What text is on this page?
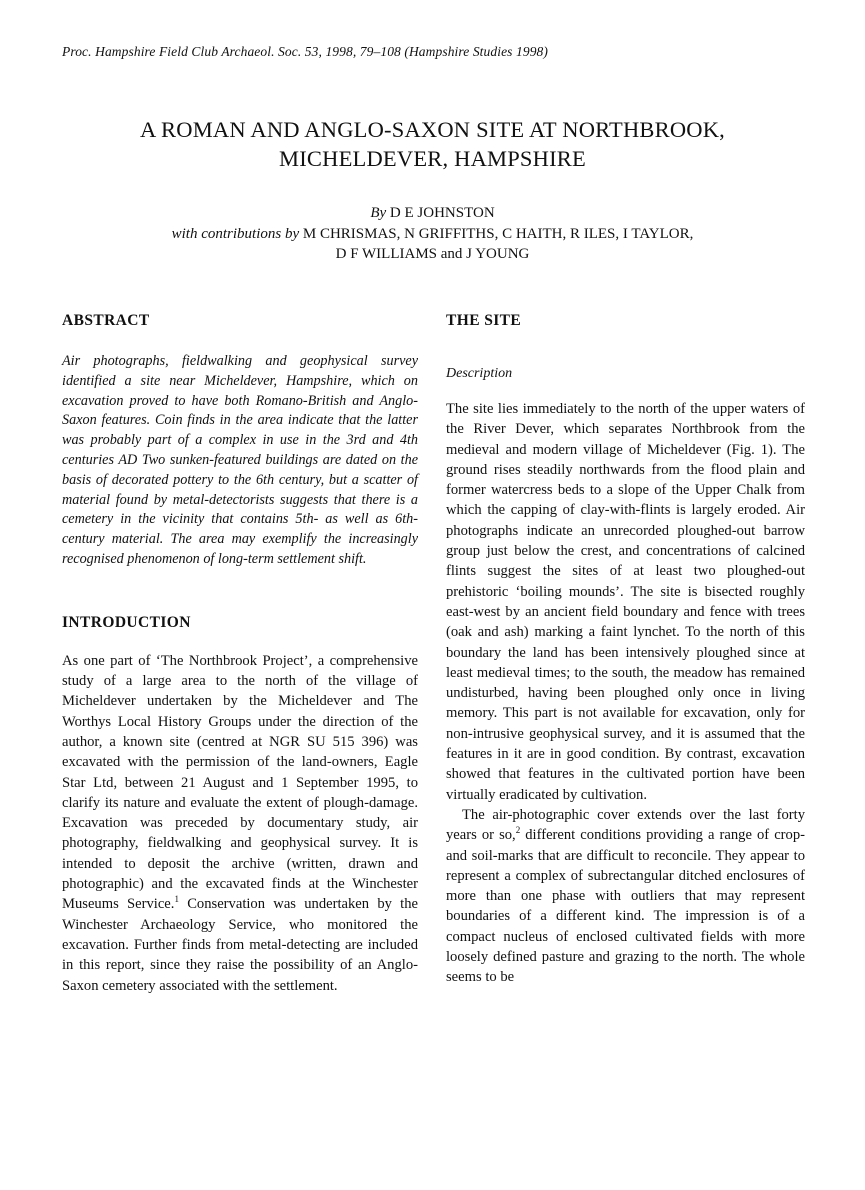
Proc. Hampshire Field Club Archaeol. Soc. 53, 1998, 79–108 (Hampshire Studies 1998)
A ROMAN AND ANGLO-SAXON SITE AT NORTHBROOK,
MICHELDEVER, HAMPSHIRE
By D E JOHNSTON
with contributions by M CHRISMAS, N GRIFFITHS, C HAITH, R ILES, I TAYLOR,
D F WILLIAMS and J YOUNG
ABSTRACT

Air photographs, fieldwalking and geophysical survey identified a site near Micheldever, Hampshire, which on excavation proved to have both Romano-British and Anglo-Saxon features. Coin finds in the area indicate that the latter was probably part of a complex in use in the 3rd and 4th centuries AD Two sunken-featured buildings are dated on the basis of decorated pottery to the 6th century, but a scatter of material found by metal-detectorists suggests that there is a cemetery in the vicinity that contains 5th- as well as 6th-century material. The area may exemplify the increasingly recognised phenomenon of long-term settlement shift.

INTRODUCTION

As one part of ‘The Northbrook Project’, a comprehensive study of a large area to the north of the village of Micheldever undertaken by the Micheldever and The Worthys Local History Groups under the direction of the author, a known site (centred at NGR SU 515 396) was excavated with the permission of the land-owners, Eagle Star Ltd, between 21 August and 1 September 1995, to clarify its nature and evaluate the extent of plough-damage. Excavation was preceded by documentary study, air photography, fieldwalking and geophysical survey. It is intended to deposit the archive (written, drawn and photographic) and the excavated finds at the Winchester Museums Service.$^1$ Conservation was undertaken by the Winchester Archaeology Service, who monitored the excavation. Further finds from metal-detecting are included in this report, since they raise the possibility of an Anglo-Saxon cemetery associated with the settlement.

THE SITE

Description

The site lies immediately to the north of the upper waters of the River Dever, which separates Northbrook from the medieval and modern village of Micheldever (Fig. 1). The ground rises steadily northwards from the flood plain and former watercress beds to a slope of the Upper Chalk from which the capping of clay-with-flints is largely eroded. Air photographs indicate an unrecorded ploughed-out barrow group just below the crest, and concentrations of calcined flints suggest the sites of at least two ploughed-out prehistoric ‘boiling mounds’. The site is bisected roughly east-west by an ancient field boundary and fence with trees (oak and ash) marking a faint lynchet. To the north of this boundary the land has been intensively ploughed since at least medieval times; to the south, the meadow has remained undisturbed, having been ploughed only once in living memory. This part is not available for excavation, only for non-intrusive geophysical survey, and it is assumed that the features in it are in good condition. By contrast, excavation showed that features in the cultivated portion have been virtually eradicated by cultivation.

The air-photographic cover extends over the last forty years or so,$^2$ different conditions providing a range of crop- and soil-marks that are difficult to reconcile. They appear to represent a complex of subrectangular ditched enclosures of more than one phase with outliers that may represent boundaries of a different kind. The impression is of a compact nucleus of enclosed cultivated fields with more loosely defined pasture and grazing to the north. The whole seems to be
